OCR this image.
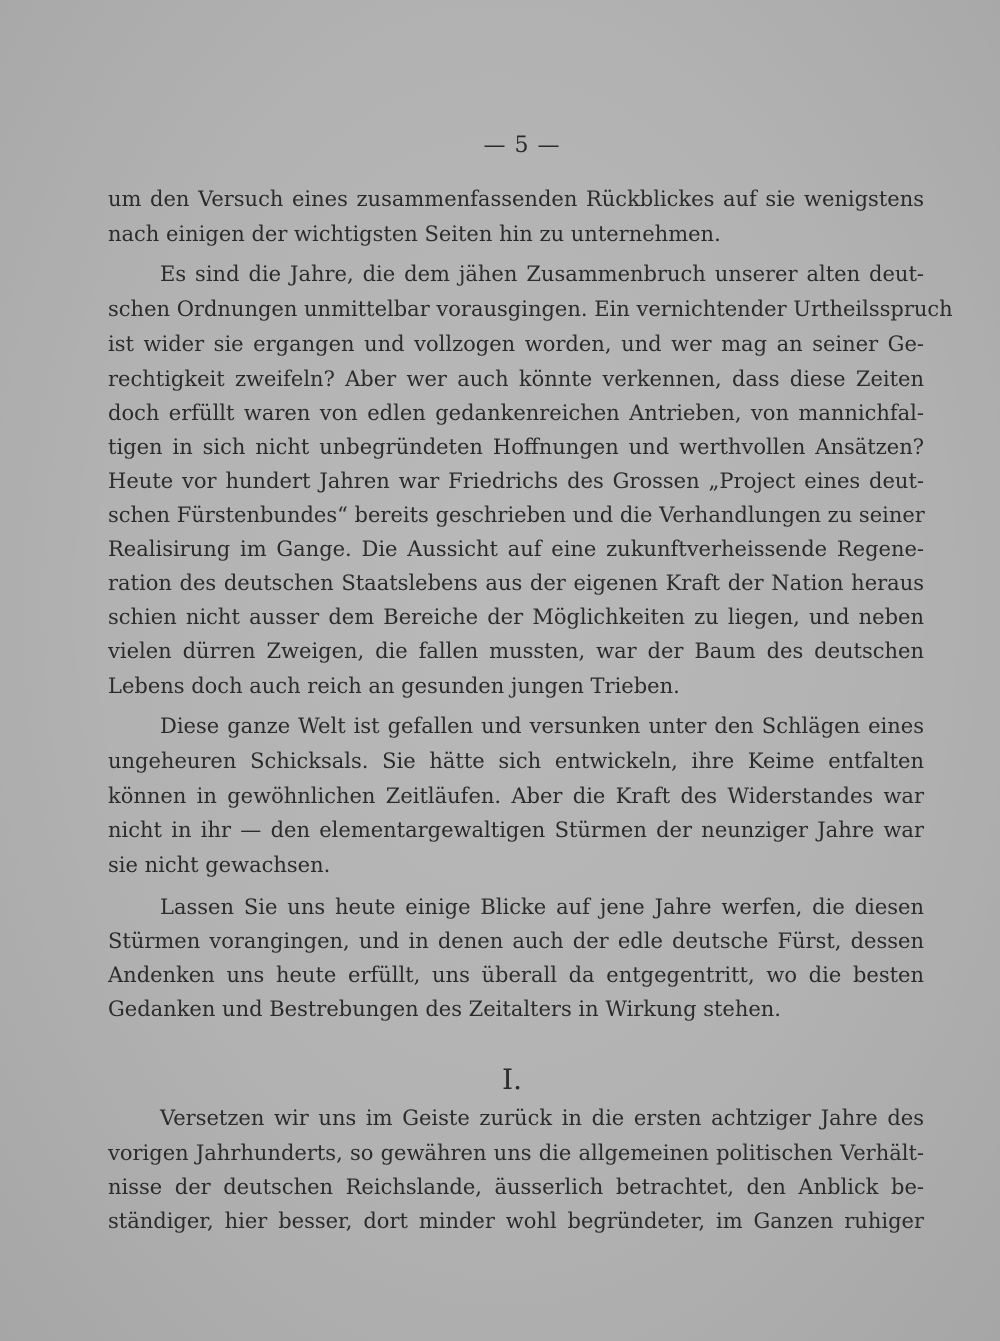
— 5 —
um den Versuch eines zusammenfassenden Rückblickes auf sie wenigstens
nach einigen der wichtigsten Seiten hin zu unternehmen.
Es sind die Jahre, die dem jähen Zusammenbruch unserer alten deut-
schen Ordnungen unmittelbar vorausgingen. Ein vernichtender Urtheilsspruch
ist wider sie ergangen und vollzogen worden, und wer mag an seiner Ge-
rechtigkeit zweifeln? Aber wer auch könnte verkennen, dass diese Zeiten
doch erfüllt waren von edlen gedankenreichen Antrieben, von mannichfal-
tigen in sich nicht unbegründeten Hoffnungen und werthvollen Ansätzen?
Heute vor hundert Jahren war Friedrichs des Grossen „Project eines deut-
schen Fürstenbundes“ bereits geschrieben und die Verhandlungen zu seiner
Realisirung im Gange. Die Aussicht auf eine zukunftverheissende Regene-
ration des deutschen Staatslebens aus der eigenen Kraft der Nation heraus
schien nicht ausser dem Bereiche der Möglichkeiten zu liegen, und neben
vielen dürren Zweigen, die fallen mussten, war der Baum des deutschen
Lebens doch auch reich an gesunden jungen Trieben.
Diese ganze Welt ist gefallen und versunken unter den Schlägen eines
ungeheuren Schicksals. Sie hätte sich entwickeln, ihre Keime entfalten
können in gewöhnlichen Zeitläufen. Aber die Kraft des Widerstandes war
nicht in ihr — den elementargewaltigen Stürmen der neunziger Jahre war
sie nicht gewachsen.
Lassen Sie uns heute einige Blicke auf jene Jahre werfen, die diesen
Stürmen vorangingen, und in denen auch der edle deutsche Fürst, dessen
Andenken uns heute erfüllt, uns überall da entgegentritt, wo die besten
Gedanken und Bestrebungen des Zeitalters in Wirkung stehen.
I.
Versetzen wir uns im Geiste zurück in die ersten achtziger Jahre des
vorigen Jahrhunderts, so gewähren uns die allgemeinen politischen Verhält-
nisse der deutschen Reichslande, äusserlich betrachtet, den Anblick be-
ständiger, hier besser, dort minder wohl begründeter, im Ganzen ruhiger
